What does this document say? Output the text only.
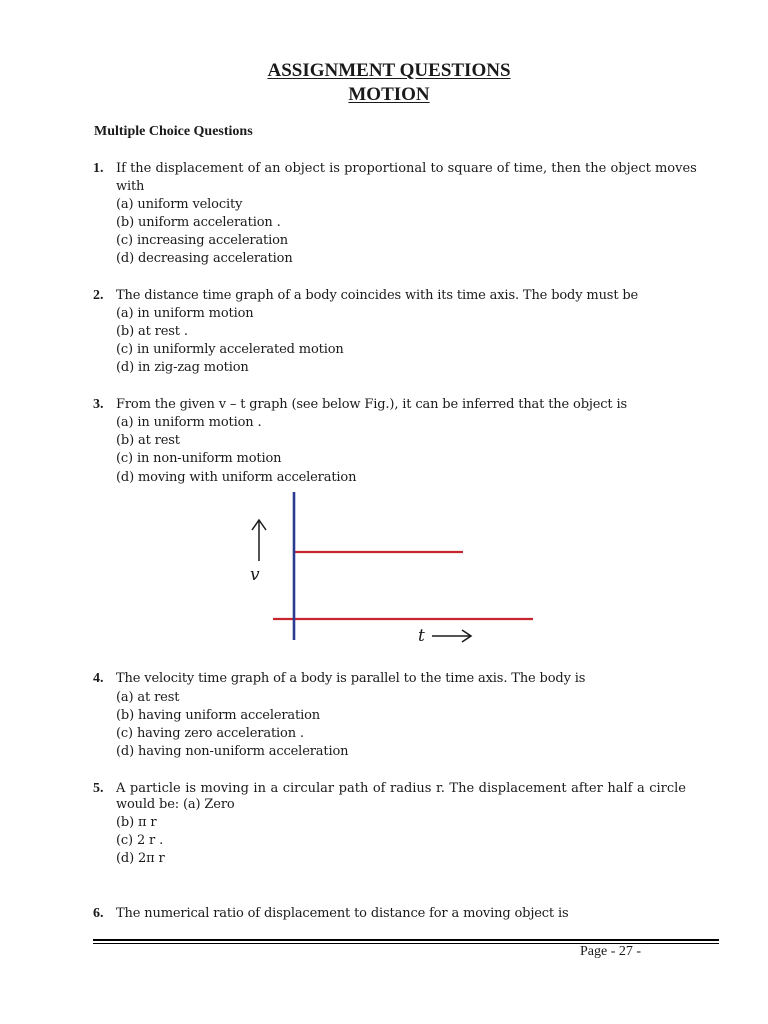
ASSIGNMENT QUESTIONS
MOTION
Multiple Choice Questions
1. If the displacement of an object is proportional to square of time, then the object moves
with
(a) uniform velocity
(b) uniform acceleration .
(c) increasing acceleration
(d) decreasing acceleration
2. The distance time graph of a body coincides with its time axis. The body must be
(a) in uniform motion
(b) at rest .
(c) in uniformly accelerated motion
(d) in zig-zag motion
3. From the given v – t graph (see below Fig.), it can be inferred that the object is
(a) in uniform motion .
(b) at rest
(c) in non-uniform motion
(d) moving with uniform acceleration
v
t
4. The velocity time graph of a body is parallel to the time axis. The body is
(a) at rest
(b) having uniform acceleration
(c) having zero acceleration .
(d) having non-uniform acceleration
5. A particle is moving in a circular path of radius r. The displacement after half a circle
would be: (a) Zero
(b) π r
(c) 2 r .
(d) 2π r
6. The numerical ratio of displacement to distance for a moving object is
Page - 27 -
